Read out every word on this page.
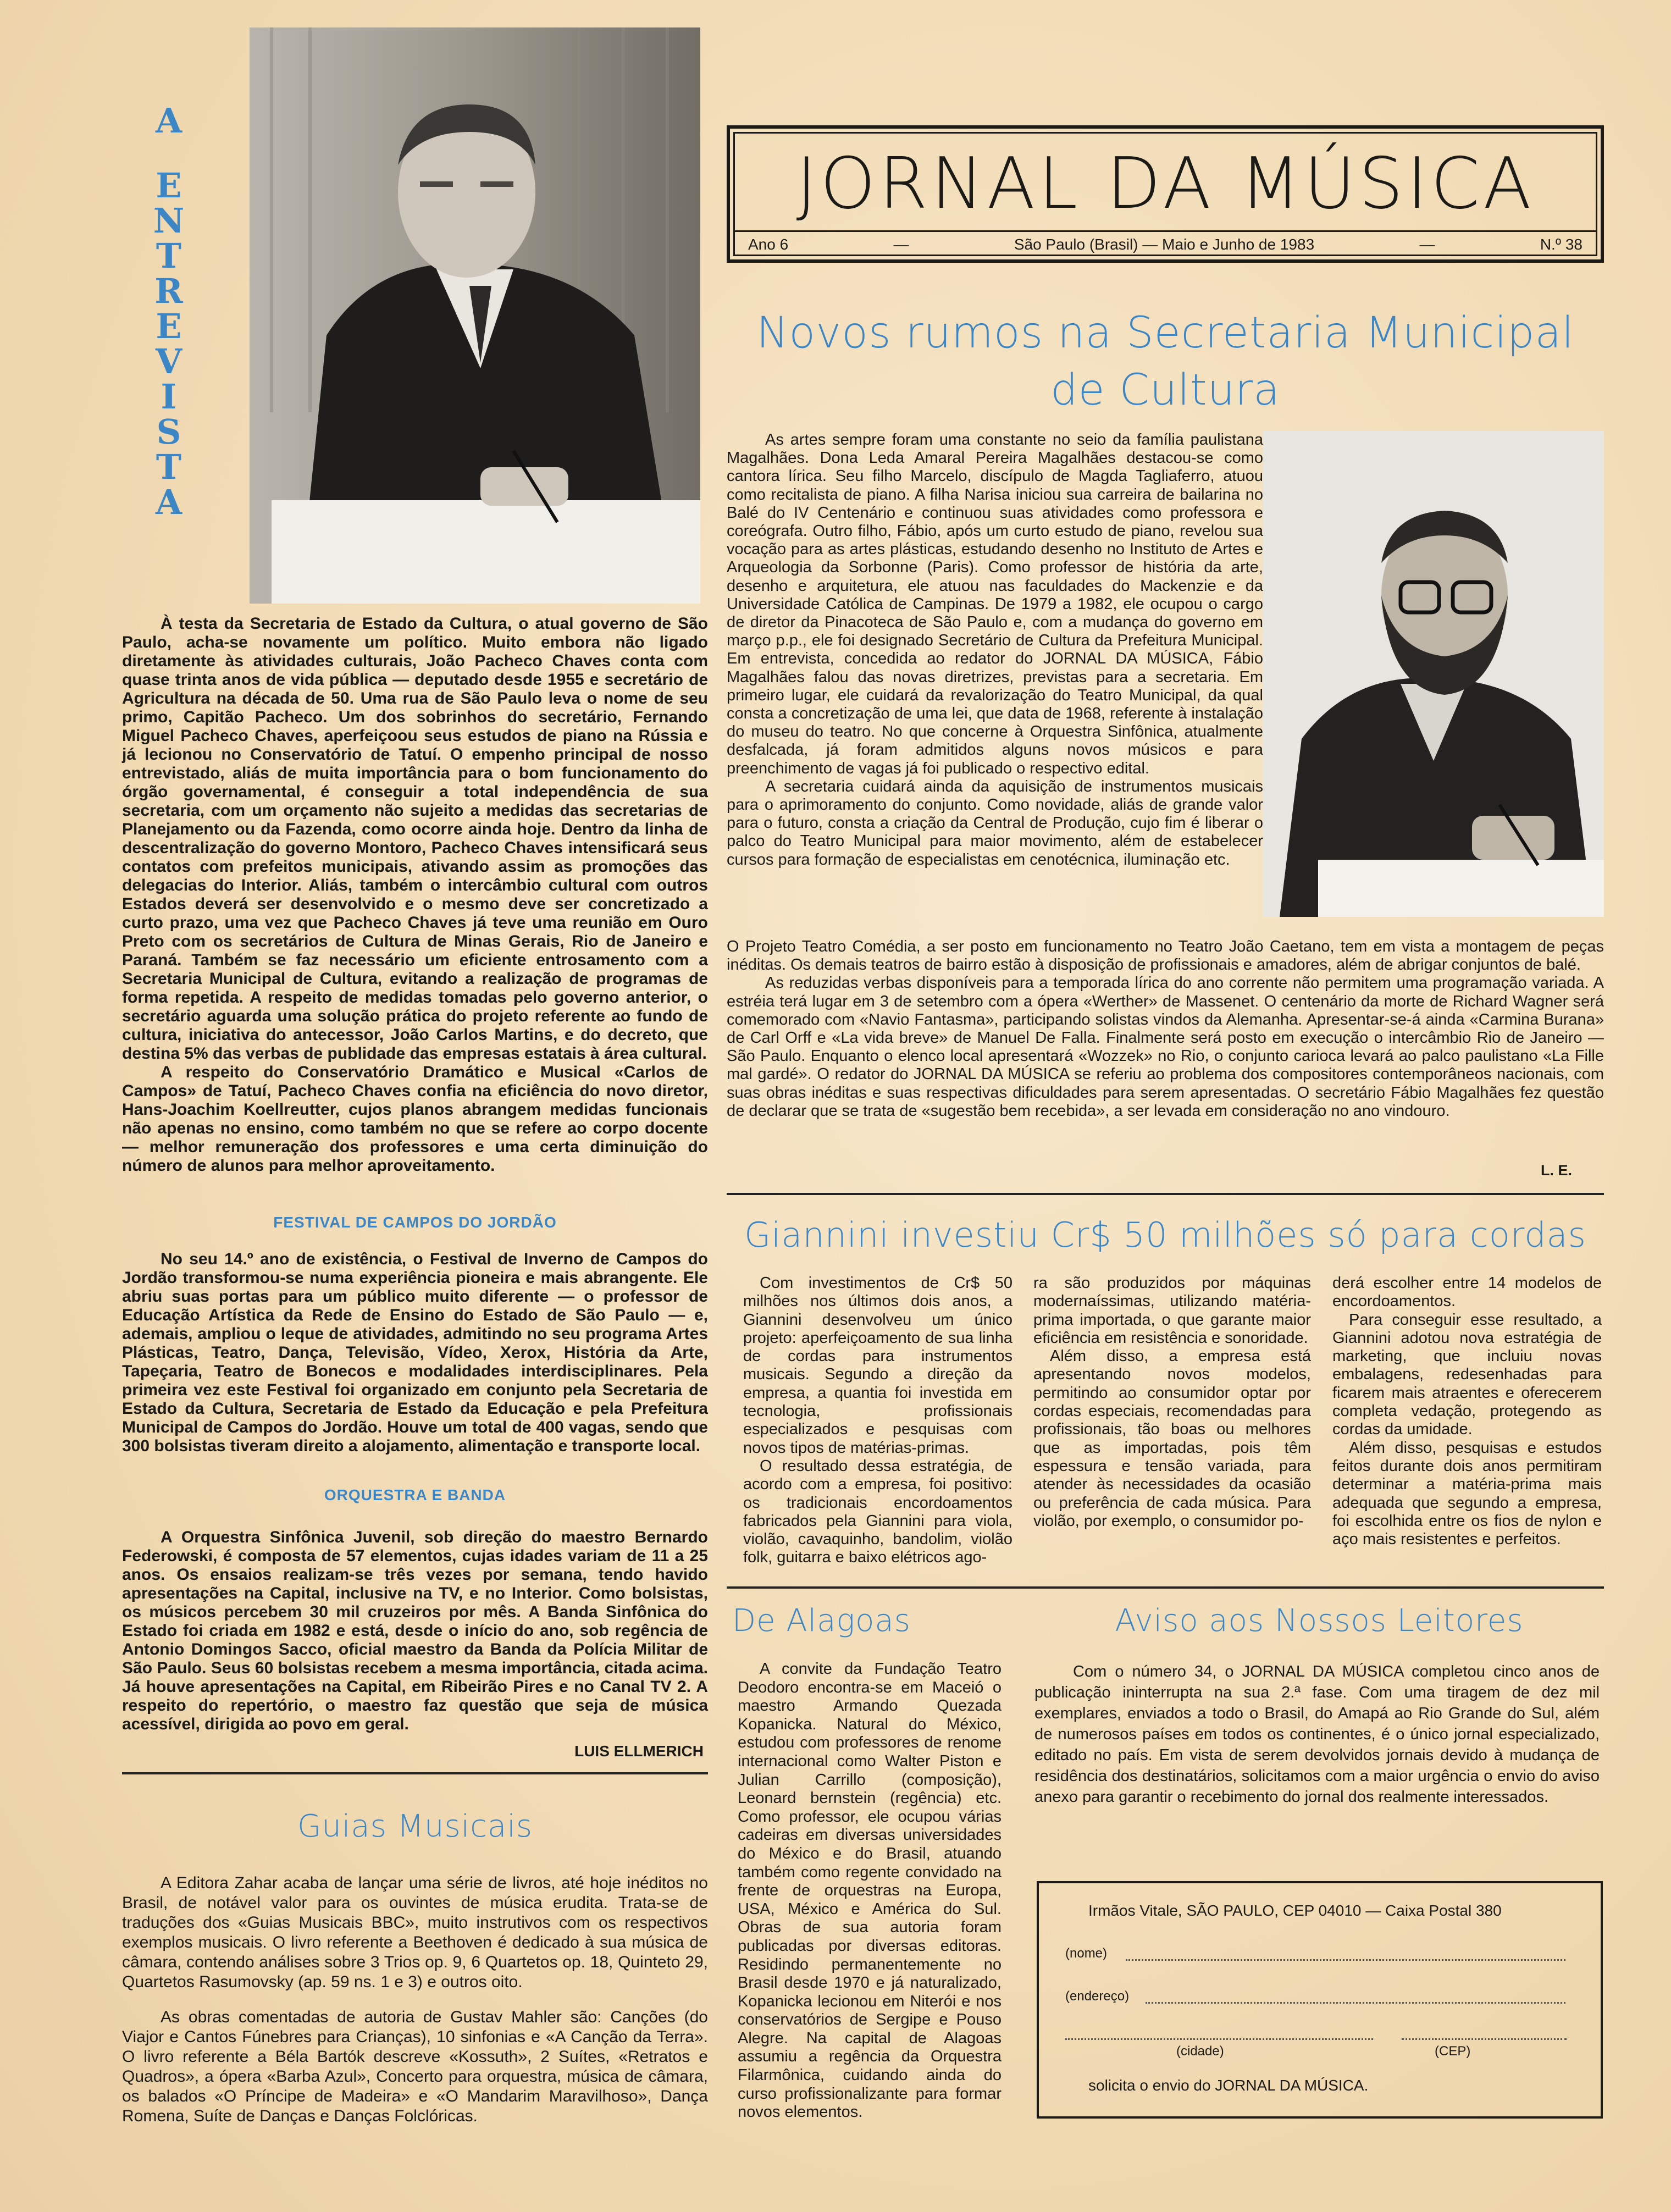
A
E
N
T
R
E
V
I
S
T
A

À testa da Secretaria de Estado da Cultura, o atual governo de São Paulo, acha-se novamente um político. Muito embora não ligado diretamente às atividades culturais, João Pacheco Chaves conta com quase trinta anos de vida pública — deputado desde 1955 e secretário de Agricultura na década de 50. Uma rua de São Paulo leva o nome de seu primo, Capitão Pacheco. Um dos sobrinhos do secretário, Fernando Miguel Pacheco Chaves, aperfeiçoou seus estudos de piano na Rússia e já lecionou no Conservatório de Tatuí. O empenho principal de nosso entrevistado, aliás de muita importância para o bom funcionamento do órgão governamental, é conseguir a total independência de sua secretaria, com um orçamento não sujeito a medidas das secretarias de Planejamento ou da Fazenda, como ocorre ainda hoje. Dentro da linha de descentralização do governo Montoro, Pacheco Chaves intensificará seus contatos com prefeitos municipais, ativando assim as promoções das delegacias do Interior. Aliás, também o intercâmbio cultural com outros Estados deverá ser desenvolvido e o mesmo deve ser concretizado a curto prazo, uma vez que Pacheco Chaves já teve uma reunião em Ouro Preto com os secretários de Cultura de Minas Gerais, Rio de Janeiro e Paraná. Também se faz necessário um eficiente entrosamento com a Secretaria Municipal de Cultura, evitando a realização de programas de forma repetida. A respeito de medidas tomadas pelo governo anterior, o secretário aguarda uma solução prática do projeto referente ao fundo de cultura, iniciativa do antecessor, João Carlos Martins, e do decreto, que destina 5% das verbas de publidade das empresas estatais à área cultural.

A respeito do Conservatório Dramático e Musical «Carlos de Campos» de Tatuí, Pacheco Chaves confia na eficiência do novo diretor, Hans-Joachim Koellreutter, cujos planos abrangem medidas funcionais não apenas no ensino, como também no que se refere ao corpo docente — melhor remuneração dos professores e uma certa diminuição do número de alunos para melhor aproveitamento.

FESTIVAL DE CAMPOS DO JORDÃO

No seu 14.º ano de existência, o Festival de Inverno de Campos do Jordão transformou-se numa experiência pioneira e mais abrangente. Ele abriu suas portas para um público muito diferente — o professor de Educação Artística da Rede de Ensino do Estado de São Paulo — e, ademais, ampliou o leque de atividades, admitindo no seu programa Artes Plásticas, Teatro, Dança, Televisão, Vídeo, Xerox, História da Arte, Tapeçaria, Teatro de Bonecos e modalidades interdisciplinares. Pela primeira vez este Festival foi organizado em conjunto pela Secretaria de Estado da Cultura, Secretaria de Estado da Educação e pela Prefeitura Municipal de Campos do Jordão. Houve um total de 400 vagas, sendo que 300 bolsistas tiveram direito a alojamento, alimentação e transporte local.

ORQUESTRA E BANDA

A Orquestra Sinfônica Juvenil, sob direção do maestro Bernardo Federowski, é composta de 57 elementos, cujas idades variam de 11 a 25 anos. Os ensaios realizam-se três vezes por semana, tendo havido apresentações na Capital, inclusive na TV, e no Interior. Como bolsistas, os músicos percebem 30 mil cruzeiros por mês. A Banda Sinfônica do Estado foi criada em 1982 e está, desde o início do ano, sob regência de Antonio Domingos Sacco, oficial maestro da Banda da Polícia Militar de São Paulo. Seus 60 bolsistas recebem a mesma importância, citada acima. Já houve apresentações na Capital, em Ribeirão Pires e no Canal TV 2. A respeito do repertório, o maestro faz questão que seja de música acessível, dirigida ao povo em geral.

LUIS ELLMERICH
Guias Musicais

A Editora Zahar acaba de lançar uma série de livros, até hoje inéditos no Brasil, de notável valor para os ouvintes de música erudita. Trata-se de traduções dos «Guias Musicais BBC», muito instrutivos com os respectivos exemplos musicais. O livro referente a Beethoven é dedicado à sua música de câmara, contendo análises sobre 3 Trios op. 9, 6 Quartetos op. 18, Quinteto 29, Quartetos Rasumovsky (ap. 59 ns. 1 e 3) e outros oito.

As obras comentadas de autoria de Gustav Mahler são: Canções (do Viajor e Cantos Fúnebres para Crianças), 10 sinfonias e «A Canção da Terra». O livro referente a Béla Bartók descreve «Kossuth», 2 Suítes, «Retratos e Quadros», a ópera «Barba Azul», Concerto para orquestra, música de câmara, os balados «O Príncipe de Madeira» e «O Mandarim Maravilhoso», Dança Romena, Suíte de Danças e Danças Folclóricas.

JORNAL DA MÚSICA
Ano 6	—	São Paulo (Brasil) — Maio e Junho de 1983	—	N.º 38
Novos rumos na Secretaria Municipal
de Cultura

As artes sempre foram uma constante no seio da família paulistana Magalhães. Dona Leda Amaral Pereira Magalhães destacou-se como cantora lírica. Seu filho Marcelo, discípulo de Magda Tagliaferro, atuou como recitalista de piano. A filha Narisa iniciou sua carreira de bailarina no Balé do IV Centenário e continuou suas atividades como professora e coreógrafa. Outro filho, Fábio, após um curto estudo de piano, revelou sua vocação para as artes plásticas, estudando desenho no Instituto de Artes e Arqueologia da Sorbonne (Paris). Como professor de história da arte, desenho e arquitetura, ele atuou nas faculdades do Mackenzie e da Universidade Católica de Campinas. De 1979 a 1982, ele ocupou o cargo de diretor da Pinacoteca de São Paulo e, com a mudança do governo em março p.p., ele foi designado Secretário de Cultura da Prefeitura Municipal. Em entrevista, concedida ao redator do JORNAL DA MÚSICA, Fábio Magalhães falou das novas diretrizes, previstas para a secretaria. Em primeiro lugar, ele cuidará da revalorização do Teatro Municipal, da qual consta a concretização de uma lei, que data de 1968, referente à instalação do museu do teatro. No que concerne à Orquestra Sinfônica, atualmente desfalcada, já foram admitidos alguns novos músicos e para preenchimento de vagas já foi publicado o respectivo edital.

A secretaria cuidará ainda da aquisição de instrumentos musicais para o aprimoramento do conjunto. Como novidade, aliás de grande valor para o futuro, consta a criação da Central de Produção, cujo fim é liberar o palco do Teatro Municipal para maior movimento, além de estabelecer cursos para formação de especialistas em cenotécnica, iluminação etc.

O Projeto Teatro Comédia, a ser posto em funcionamento no Teatro João Caetano, tem em vista a montagem de peças inéditas. Os demais teatros de bairro estão à disposição de profissionais e amadores, além de abrigar conjuntos de balé.

As reduzidas verbas disponíveis para a temporada lírica do ano corrente não permitem uma programação variada. A estréia terá lugar em 3 de setembro com a ópera «Werther» de Massenet. O centenário da morte de Richard Wagner será comemorado com «Navio Fantasma», participando solistas vindos da Alemanha. Apresentar-se-á ainda «Carmina Burana» de Carl Orff e «La vida breve» de Manuel De Falla. Finalmente será posto em execução o intercâmbio Rio de Janeiro — São Paulo. Enquanto o elenco local apresentará «Wozzek» no Rio, o conjunto carioca levará ao palco paulistano «La Fille mal gardé». O redator do JORNAL DA MÚSICA se referiu ao problema dos compositores contemporâneos nacionais, com suas obras inéditas e suas respectivas dificuldades para serem apresentadas. O secretário Fábio Magalhães fez questão de declarar que se trata de «sugestão bem recebida», a ser levada em consideração no ano vindouro.

L. E.
Giannini investiu Cr$ 50 milhões só para cordas

Com investimentos de Cr$ 50 milhões nos últimos dois anos, a Giannini desenvolveu um único projeto: aperfeiçoamento de sua linha de cordas para instrumentos musicais. Segundo a direção da empresa, a quantia foi investida em tecnologia, profissionais especializados e pesquisas com novos tipos de matérias-primas.

O resultado dessa estratégia, de acordo com a empresa, foi positivo: os tradicionais encordoamentos fabricados pela Giannini para viola, violão, cavaquinho, bandolim, violão folk, guitarra e baixo elétricos ago-

ra são produzidos por máquinas modernaíssimas, utilizando matéria-prima importada, o que garante maior eficiência em resistência e sonoridade.

Além disso, a empresa está apresentando novos modelos, permitindo ao consumidor optar por cordas especiais, recomendadas para profissionais, tão boas ou melhores que as importadas, pois têm espessura e tensão variada, para atender às necessidades da ocasião ou preferência de cada música. Para violão, por exemplo, o consumidor po-

derá escolher entre 14 modelos de encordoamentos.

Para conseguir esse resultado, a Giannini adotou nova estratégia de marketing, que incluiu novas embalagens, redesenhadas para ficarem mais atraentes e oferecerem completa vedação, protegendo as cordas da umidade.

Além disso, pesquisas e estudos feitos durante dois anos permitiram determinar a matéria-prima mais adequada que segundo a empresa, foi escolhida entre os fios de nylon e aço mais resistentes e perfeitos.

De Alagoas

A convite da Fundação Teatro Deodoro encontra-se em Maceió o maestro Armando Quezada Kopanicka. Natural do México, estudou com professores de renome internacional como Walter Piston e Julian Carrillo (composição), Leonard bernstein (regência) etc. Como professor, ele ocupou várias cadeiras em diversas universidades do México e do Brasil, atuando também como regente convidado na frente de orquestras na Europa, USA, México e América do Sul. Obras de sua autoria foram publicadas por diversas editoras. Residindo permanentemente no Brasil desde 1970 e já naturalizado, Kopanicka lecionou em Niterói e nos conservatórios de Sergipe e Pouso Alegre. Na capital de Alagoas assumiu a regência da Orquestra Filarmônica, cuidando ainda do curso profissionalizante para formar novos elementos.

Aviso aos Nossos Leitores

Com o número 34, o JORNAL DA MÚSICA completou cinco anos de publicação ininterrupta na sua 2.ª fase. Com uma tiragem de dez mil exemplares, enviados a todo o Brasil, do Amapá ao Rio Grande do Sul, além de numerosos países em todos os continentes, é o único jornal especializado, editado no país. Em vista de serem devolvidos jornais devido à mudança de residência dos destinatários, solicitamos com a maior urgência o envio do aviso anexo para garantir o recebimento do jornal dos realmente interessados.

Irmãos Vitale, SÃO PAULO, CEP 04010 — Caixa Postal 380
(nome)
(endereço)
(cidade)	(CEP)
solicita o envio do JORNAL DA MÚSICA.
